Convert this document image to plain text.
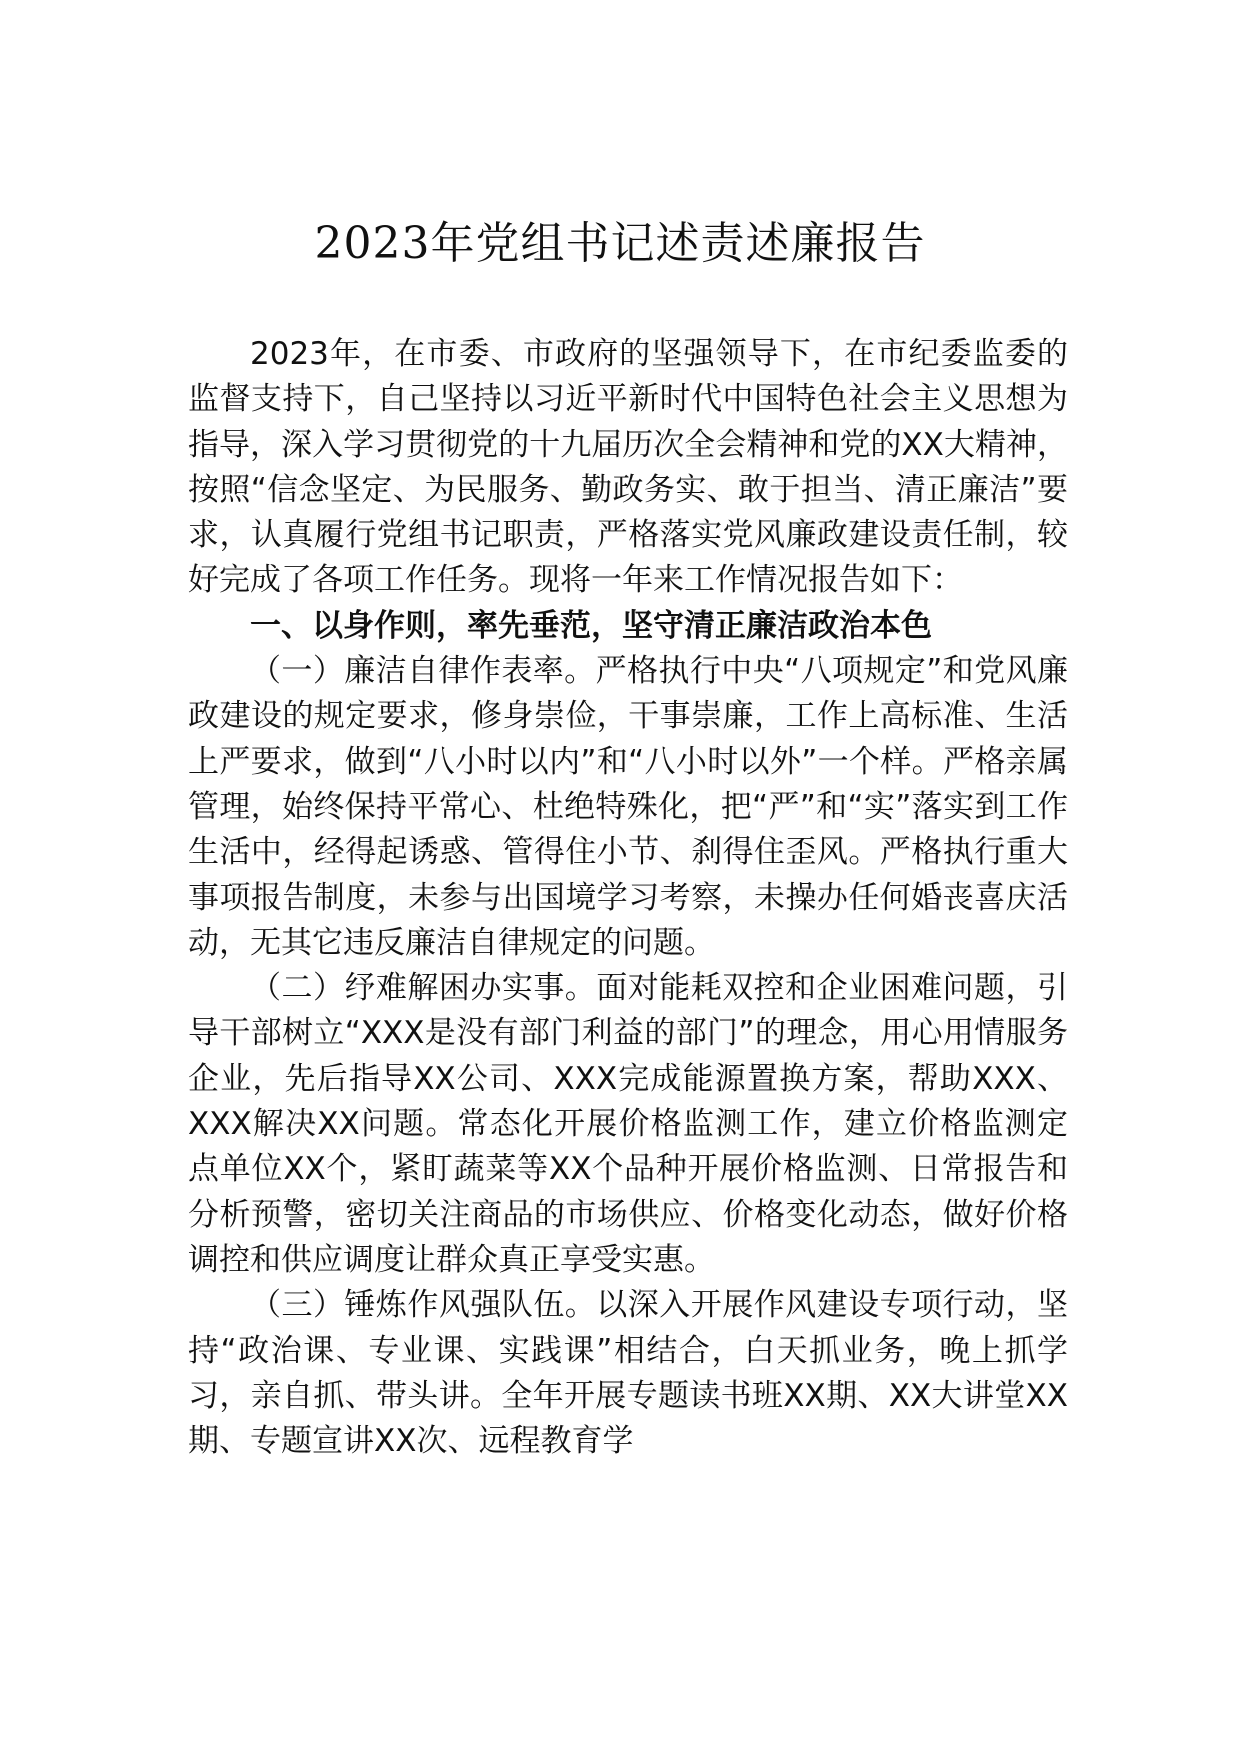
2023年党组书记述责述廉报告

2023年，在市委、市政府的坚强领导下，在市纪委监委的监督支持下，自己坚持以习近平新时代中国特色社会主义思想为指导，深入学习贯彻党的十九届历次全会精神和党的XX大精神，按照“信念坚定、为民服务、勤政务实、敢于担当、清正廉洁”要求，认真履行党组书记职责，严格落实党风廉政建设责任制，较好完成了各项工作任务。现将一年来工作情况报告如下：

一、以身作则，率先垂范，坚守清正廉洁政治本色

（一）廉洁自律作表率。严格执行中央“八项规定”和党风廉政建设的规定要求，修身崇俭，干事崇廉，工作上高标准、生活上严要求，做到“八小时以内”和“八小时以外”一个样。严格亲属管理，始终保持平常心、杜绝特殊化，把“严”和“实”落实到工作生活中，经得起诱惑、管得住小节、刹得住歪风。严格执行重大事项报告制度，未参与出国境学习考察，未操办任何婚丧喜庆活动，无其它违反廉洁自律规定的问题。

（二）纾难解困办实事。面对能耗双控和企业困难问题，引导干部树立“XXX是没有部门利益的部门”的理念，用心用情服务企业，先后指导XX公司、XXX完成能源置换方案，帮助XXX、XXX解决XX问题。常态化开展价格监测工作，建立价格监测定点单位XX个，紧盯蔬菜等XX个品种开展价格监测、日常报告和分析预警，密切关注商品的市场供应、价格变化动态，做好价格调控和供应调度让群众真正享受实惠。

（三）锤炼作风强队伍。以深入开展作风建设专项行动，坚持“政治课、专业课、实践课”相结合，白天抓业务，晚上抓学习，亲自抓、带头讲。全年开展专题读书班XX期、XX大讲堂XX期、专题宣讲XX次、远程教育学
